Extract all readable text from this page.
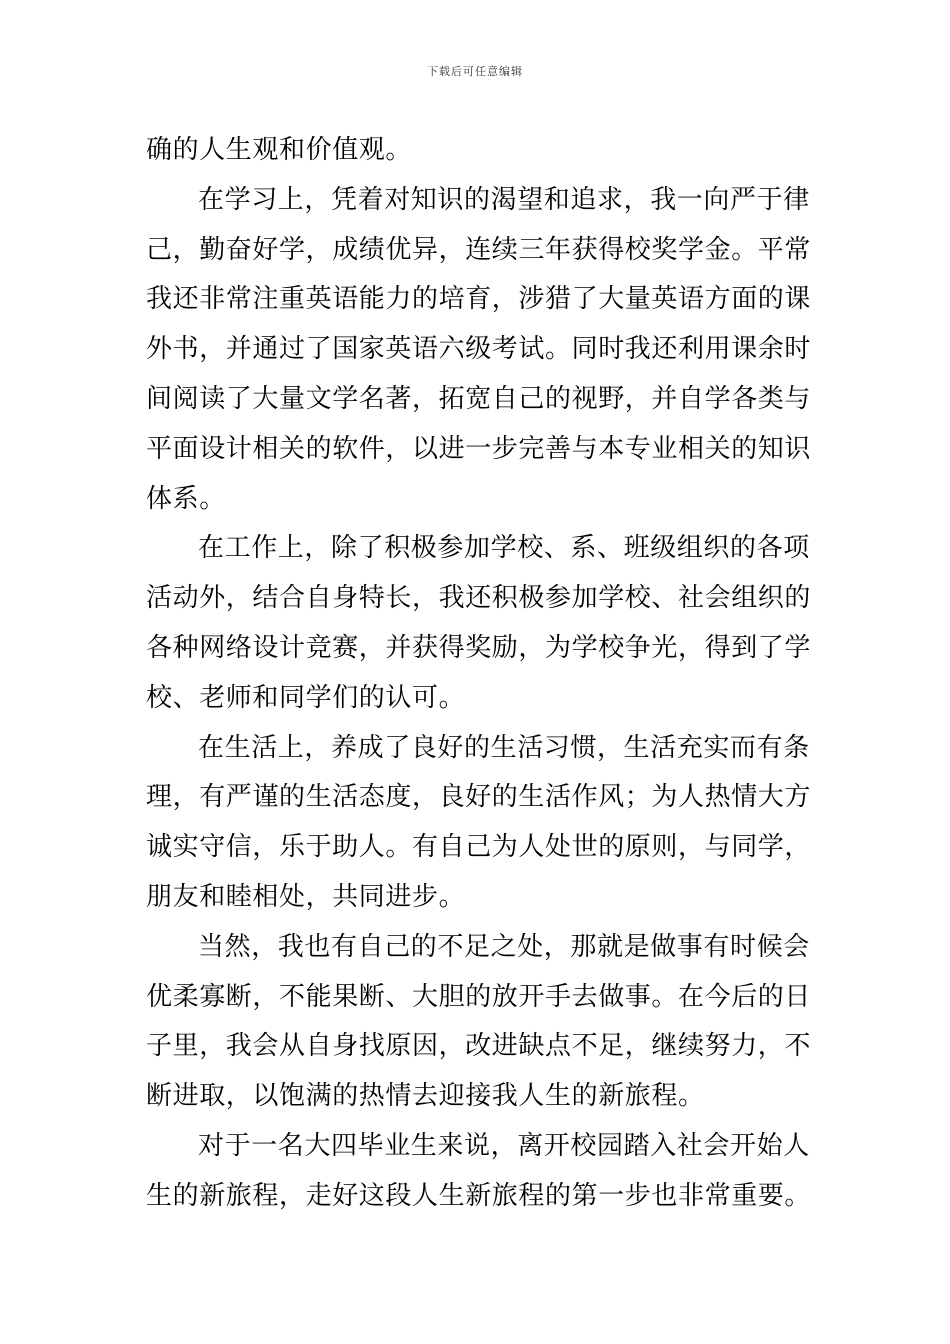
下载后可任意编辑
确的人生观和价值观。
在学习上，凭着对知识的渴望和追求，我一向严于律
己，勤奋好学，成绩优异，连续三年获得校奖学金。平常
我还非常注重英语能力的培育，涉猎了大量英语方面的课
外书，并通过了国家英语六级考试。同时我还利用课余时
间阅读了大量文学名著，拓宽自己的视野，并自学各类与
平面设计相关的软件，以进一步完善与本专业相关的知识
体系。
在工作上，除了积极参加学校、系、班级组织的各项
活动外，结合自身特长，我还积极参加学校、社会组织的
各种网络设计竞赛，并获得奖励，为学校争光，得到了学
校、老师和同学们的认可。
在生活上，养成了良好的生活习惯，生活充实而有条
理，有严谨的生活态度，良好的生活作风；为人热情大方
诚实守信，乐于助人。有自己为人处世的原则，与同学，
朋友和睦相处，共同进步。
当然，我也有自己的不足之处，那就是做事有时候会
优柔寡断，不能果断、大胆的放开手去做事。在今后的日
子里，我会从自身找原因，改进缺点不足，继续努力，不
断进取，以饱满的热情去迎接我人生的新旅程。
对于一名大四毕业生来说，离开校园踏入社会开始人
生的新旅程，走好这段人生新旅程的第一步也非常重要。
